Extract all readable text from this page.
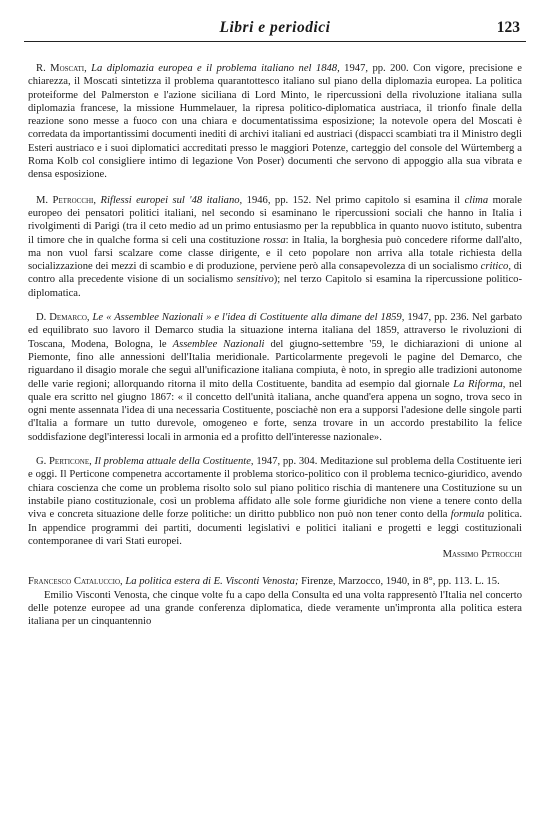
Libri e periodici	123

R. Moscati, La diplomazia europea e il problema italiano nel 1848, 1947, pp. 200. Con vigore, precisione e chiarezza, il Moscati sintetizza il problema quarantottesco italiano sul piano della diplomazia europea. La politica proteiforme del Palmerston e l'azione siciliana di Lord Minto, le ripercussioni della rivoluzione italiana sulla diplomazia francese, la missione Hummelauer, la ripresa politico-diplomatica austriaca, il trionfo finale della reazione sono messe a fuoco con una chiara e documentatissima esposizione; la notevole opera del Moscati è corredata da importantissimi documenti inediti di archivi italiani ed austriaci (dispacci scambiati tra il Ministro degli Esteri austriaco e i suoi diplomatici accreditati presso le maggiori Potenze, carteggio del console del Würtemberg a Roma Kolb col consigliere intimo di legazione Von Poser) documenti che servono di appoggio alla sua vibrata e densa esposizione.

M. Petrocchi, Riflessi europei sul '48 italiano, 1946, pp. 152. Nel primo capitolo si esamina il clima morale europeo dei pensatori politici italiani, nel secondo si esaminano le ripercussioni sociali che hanno in Italia i rivolgimenti di Parigi (tra il ceto medio ad un primo entusiasmo per la repubblica in quanto nuovo istituto, subentra il timore che in qualche forma si celi una costituzione rossa: in Italia, la borghesia può concedere riforme dall'alto, ma non vuol farsi scalzare come classe dirigente, e il ceto popolare non arriva alla totale richiesta della socializzazione dei mezzi di scambio e di produzione, perviene però alla consapevolezza di un socialismo critico, di contro alla precedente visione di un socialismo sensitivo); nel terzo Capitolo si esamina la ripercussione politico-diplomatica.

D. Demarco, Le « Assemblee Nazionali » e l'idea di Costituente alla dimane del 1859, 1947, pp. 236. Nel garbato ed equilibrato suo lavoro il Demarco studia la situazione interna italiana del 1859, attraverso le rivoluzioni di Toscana, Modena, Bologna, le Assemblee Nazionali del giugno-settembre '59, le dichiarazioni di unione al Piemonte, fino alle annessioni dell'Italia meridionale. Particolarmente pregevoli le pagine del Demarco, che riguardano il disagio morale che seguì all'unificazione italiana compiuta, è noto, in spregio alle tradizioni autonome delle varie regioni; allorquando ritorna il mito della Costituente, bandita ad esempio dal giornale La Riforma, nel quale era scritto nel giugno 1867: « il concetto dell'unità italiana, anche quand'era appena un sogno, trova seco in ogni mente assennata l'idea di una necessaria Costituente, posciachè non era a supporsi l'adesione delle singole parti d'Italia a formare un tutto durevole, omogeneo e forte, senza trovare in un accordo prestabilito la felice soddisfazione degl'interessi locali in armonia ed a profitto dell'interesse nazionale».

G. Perticone, Il problema attuale della Costituente, 1947, pp. 304. Meditazione sul problema della Costituente ieri e oggi. Il Perticone compenetra accortamente il problema storico-politico con il problema tecnico-giuridico, avendo chiara coscienza che come un problema risolto solo sul piano politico rischia di mantenere una Costituzione su un instabile piano costituzionale, così un problema affidato alle sole forme giuridiche non viene a tenere conto della viva e concreta situazione delle forze politiche: un diritto pubblico non può non tener conto della formula politica. In appendice programmi dei partiti, documenti legislativi e politici italiani e progetti e leggi costituzionali contemporanee di vari Stati europei.

Massimo Petrocchi

Francesco Cataluccio, La politica estera di E. Visconti Venosta; Firenze, Marzocco, 1940, in 8°, pp. 113. L. 15.

Emilio Visconti Venosta, che cinque volte fu a capo della Consulta ed una volta rappresentò l'Italia nel concerto delle potenze europee ad una grande conferenza diplomatica, diede veramente un'impronta alla politica estera italiana per un cinquantennio
